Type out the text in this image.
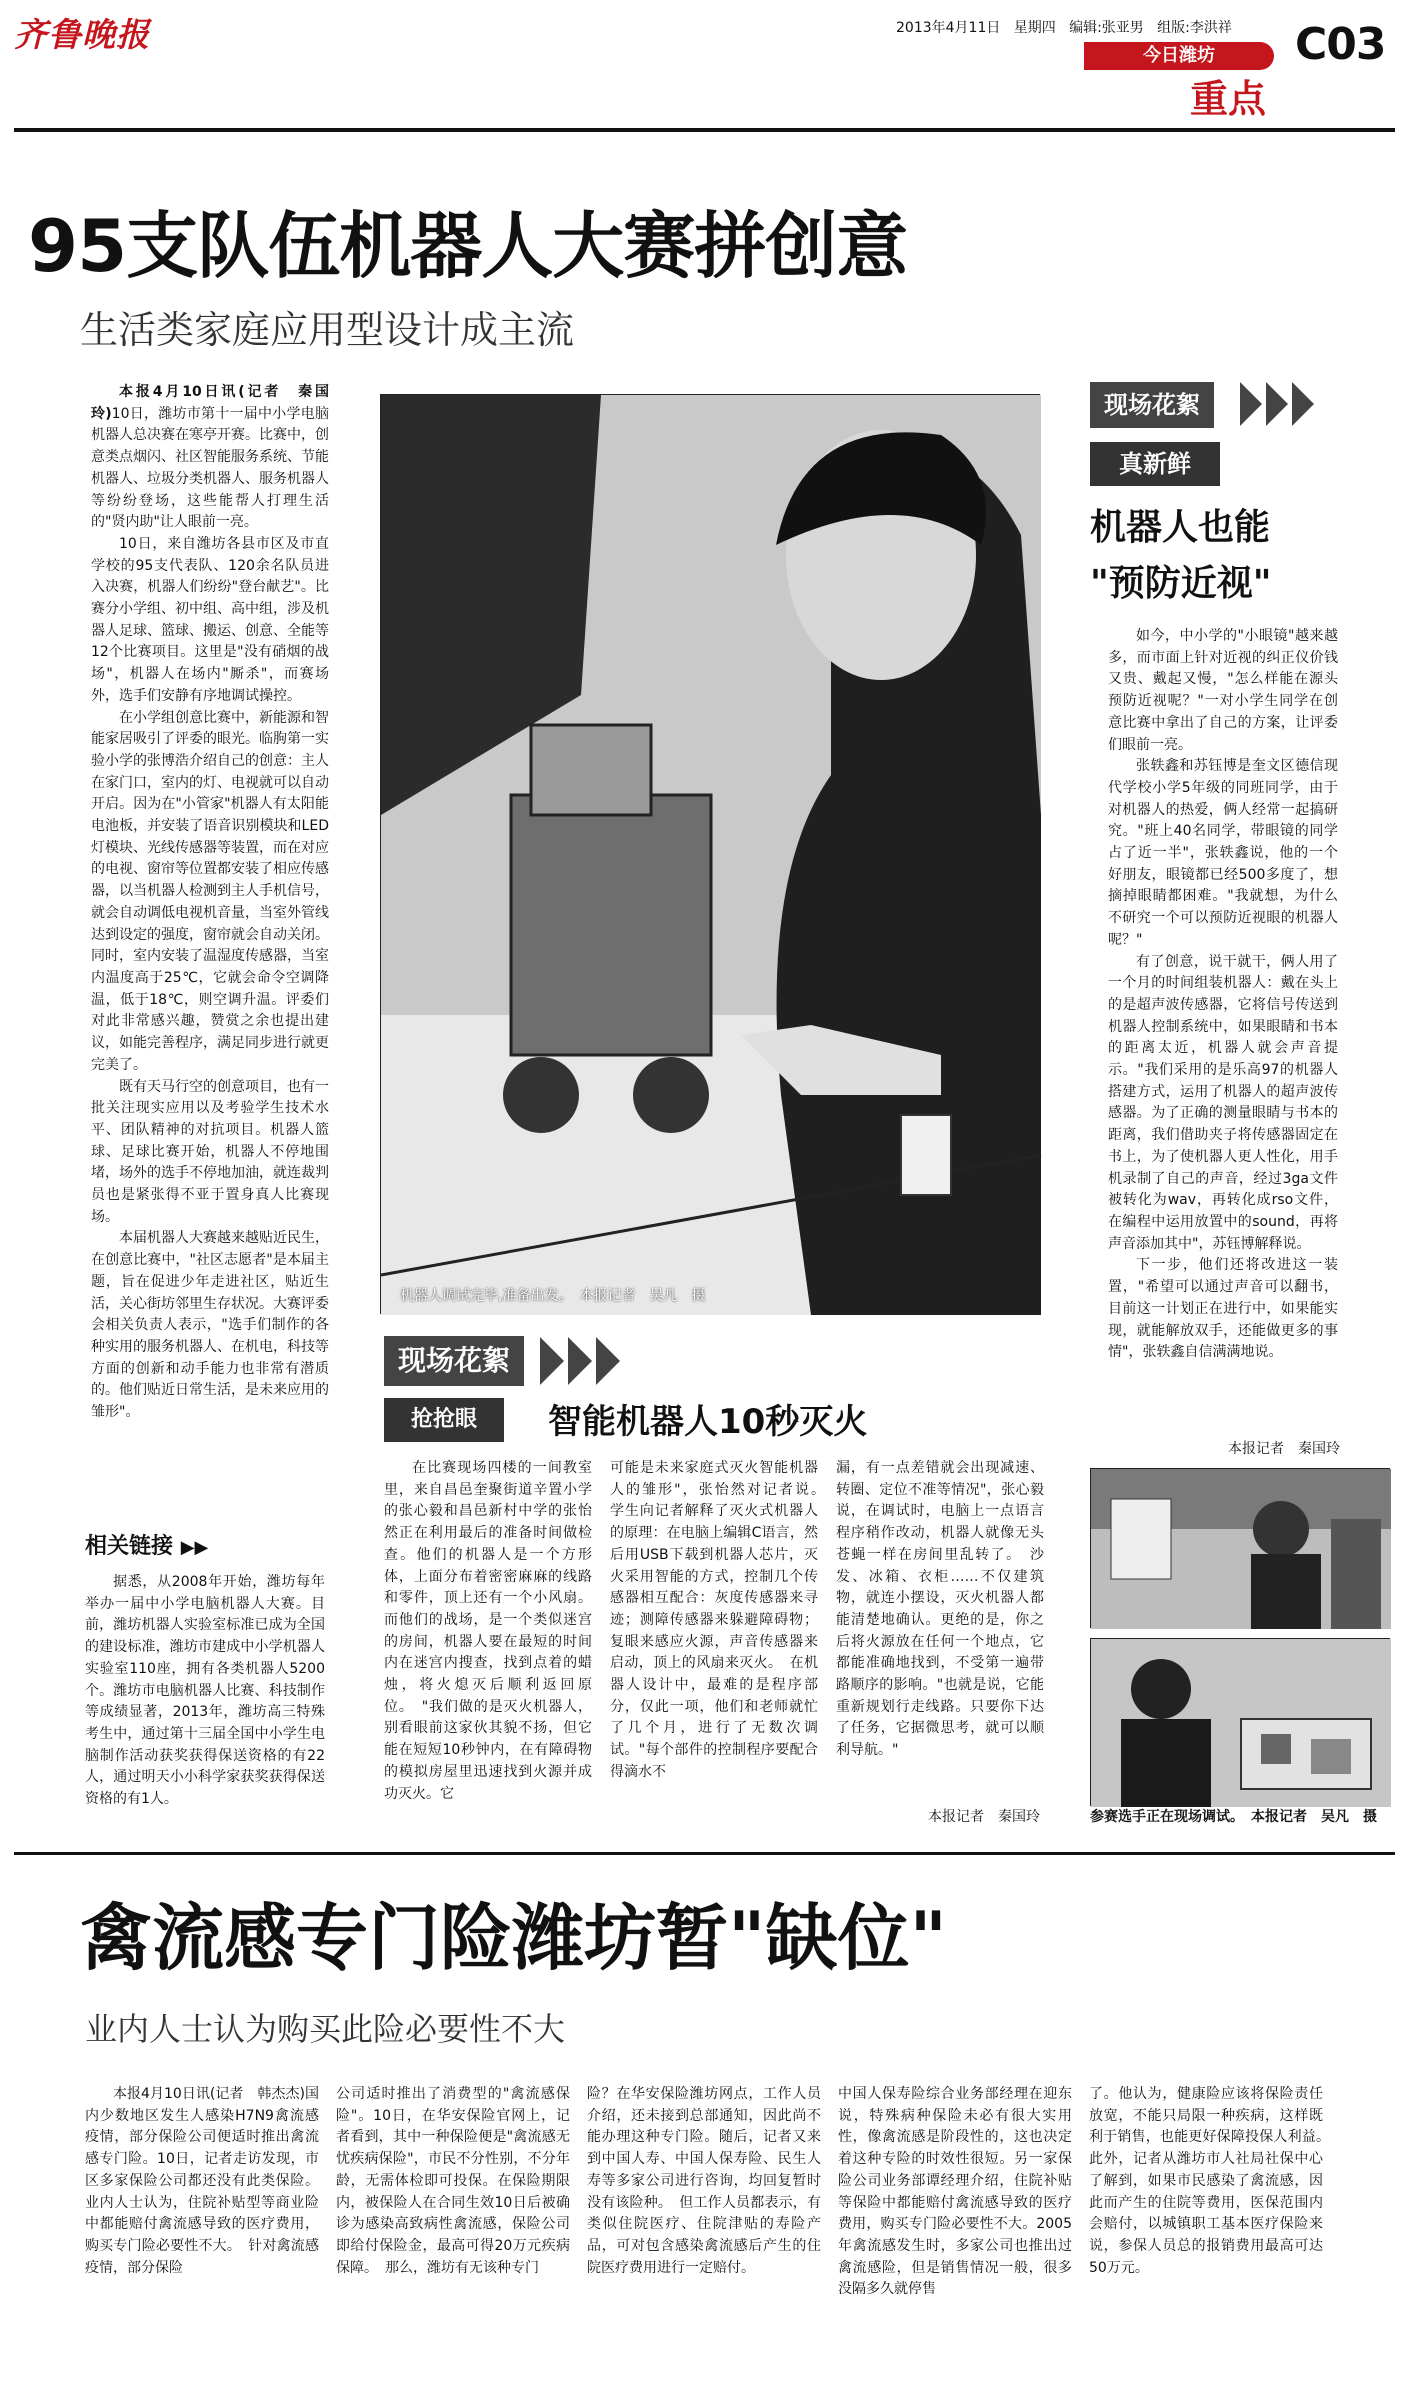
齐鲁晚报	2013年4月11日 星期四 编辑:张亚男 组版:李洪祥
今日潍坊
重点
C03
95支队伍机器人大赛拼创意
生活类家庭应用型设计成主流

本报4月10日讯(记者　秦国玲)10日，潍坊市第十一届中小学电脑机器人总决赛在寒亭开赛。比赛中，创意类点烟闪、社区智能服务系统、节能机器人、垃圾分类机器人、服务机器人等纷纷登场，这些能帮人打理生活的"贤内助"让人眼前一亮。

10日，来自潍坊各县市区及市直学校的95支代表队、120余名队员进入决赛，机器人们纷纷"登台献艺"。比赛分小学组、初中组、高中组，涉及机器人足球、篮球、搬运、创意、全能等12个比赛项目。这里是"没有硝烟的战场"，机器人在场内"厮杀"，而赛场外，选手们安静有序地调试操控。

在小学组创意比赛中，新能源和智能家居吸引了评委的眼光。临朐第一实验小学的张博浩介绍自己的创意：主人在家门口，室内的灯、电视就可以自动开启。因为在"小管家"机器人有太阳能电池板，并安装了语音识别模块和LED灯模块、光线传感器等装置，而在对应的电视、窗帘等位置都安装了相应传感器，以当机器人检测到主人手机信号，就会自动调低电视机音量，当室外管线达到设定的强度，窗帘就会自动关闭。同时，室内安装了温湿度传感器，当室内温度高于25℃，它就会命令空调降温，低于18℃，则空调升温。评委们对此非常感兴趣，赞赏之余也提出建议，如能完善程序，满足同步进行就更完美了。

既有天马行空的创意项目，也有一批关注现实应用以及考验学生技术水平、团队精神的对抗项目。机器人篮球、足球比赛开始，机器人不停地围堵，场外的选手不停地加油，就连裁判员也是紧张得不亚于置身真人比赛现场。

本届机器人大赛越来越贴近民生，在创意比赛中，"社区志愿者"是本届主题，旨在促进少年走进社区，贴近生活，关心街坊邻里生存状况。大赛评委会相关负责人表示，"选手们制作的各种实用的服务机器人、在机电，科技等方面的创新和动手能力也非常有潜质的。他们贴近日常生活，是未来应用的雏形"。

机器人调试完毕,准备出发。　本报记者　吴凡　摄
相关链接 ▶▶
据悉，从2008年开始，潍坊每年举办一届中小学电脑机器人大赛。目前，潍坊机器人实验室标准已成为全国的建设标准，潍坊市建成中小学机器人实验室110座，拥有各类机器人5200个。潍坊市电脑机器人比赛、科技制作等成绩显著，2013年，潍坊高三特殊考生中，通过第十三届全国中小学生电脑制作活动获奖获得保送资格的有22人，通过明天小小科学家获奖获得保送资格的有1人。
现场花絮
抢抢眼	智能机器人10秒灭火
在比赛现场四楼的一间教室里，来自昌邑奎聚街道辛置小学的张心毅和昌邑新村中学的张怡然正在利用最后的准备时间做检查。他们的机器人是一个方形体，上面分布着密密麻麻的线路和零件，顶上还有一个小风扇。而他们的战场，是一个类似迷宫的房间，机器人要在最短的时间内在迷宫内搜查，找到点着的蜡烛，将火熄灭后顺利返回原位。　"我们做的是灭火机器人，别看眼前这家伙其貌不扬，但它能在短短10秒钟内，在有障碍物的模拟房屋里迅速找到火源并成功灭火。它
可能是未来家庭式灭火智能机器人的雏形"，张怡然对记者说。　学生向记者解释了灭火式机器人的原理：在电脑上编辑C语言，然后用USB下载到机器人芯片，灭火采用智能的方式，控制几个传感器相互配合：灰度传感器来寻迹；测障传感器来躲避障碍物；复眼来感应火源，声音传感器来启动，顶上的风扇来灭火。　在机器人设计中，最难的是程序部分，仅此一项，他们和老师就忙了几个月，进行了无数次调试。"每个部件的控制程序要配合得滴水不
漏，有一点差错就会出现减速、转圈、定位不准等情况"，张心毅说，在调试时，电脑上一点语言程序稍作改动，机器人就像无头苍蝇一样在房间里乱转了。　沙发、冰箱、衣柜……不仅建筑物，就连小摆设，灭火机器人都能清楚地确认。更绝的是，你之后将火源放在任何一个地点，它都能准确地找到，不受第一遍带路顺序的影响。"也就是说，它能重新规划行走线路。只要你下达了任务，它据微思考，就可以顺利导航。"
本报记者　秦国玲
现场花絮
真新鲜
机器人也能
"预防近视"

如今，中小学的"小眼镜"越来越多，而市面上针对近视的纠正仪价钱又贵、戴起又慢，"怎么样能在源头预防近视呢？"一对小学生同学在创意比赛中拿出了自己的方案，让评委们眼前一亮。

张轶鑫和苏钰博是奎文区德信现代学校小学5年级的同班同学，由于对机器人的热爱，俩人经常一起搞研究。"班上40名同学，带眼镜的同学占了近一半"，张轶鑫说，他的一个好朋友，眼镜都已经500多度了，想摘掉眼睛都困难。"我就想，为什么不研究一个可以预防近视眼的机器人呢？"

有了创意，说干就干，俩人用了一个月的时间组装机器人：戴在头上的是超声波传感器，它将信号传送到机器人控制系统中，如果眼睛和书本的距离太近，机器人就会声音提示。"我们采用的是乐高97的机器人搭建方式，运用了机器人的超声波传感器。为了正确的测量眼睛与书本的距离，我们借助夹子将传感器固定在书上，为了使机器人更人性化，用手机录制了自己的声音，经过3ga文件被转化为wav，再转化成rso文件，在编程中运用放置中的sound，再将声音添加其中"，苏钰博解释说。

下一步，他们还将改进这一装置，"希望可以通过声音可以翻书，目前这一计划正在进行中，如果能实现，就能解放双手，还能做更多的事情"，张轶鑫自信满满地说。

本报记者　秦国玲
参赛选手正在现场调试。　本报记者　吴凡　摄
禽流感专门险潍坊暂"缺位"
业内人士认为购买此险必要性不大
本报4月10日讯(记者　韩杰杰)国内少数地区发生人感染H7N9禽流感疫情，部分保险公司便适时推出禽流感专门险。10日，记者走访发现，市区多家保险公司都还没有此类保险。业内人士认为，住院补贴型等商业险中都能赔付禽流感导致的医疗费用，购买专门险必要性不大。　针对禽流感疫情，部分保险
公司适时推出了消费型的"禽流感保险"。10日，在华安保险官网上，记者看到，其中一种保险便是"禽流感无忧疾病保险"，市民不分性别，不分年龄，无需体检即可投保。在保险期限内，被保险人在合同生效10日后被确诊为感染高致病性禽流感，保险公司即给付保险金，最高可得20万元疾病保障。　那么，潍坊有无该种专门
险？在华安保险潍坊网点，工作人员介绍，还未接到总部通知，因此尚不能办理这种专门险。随后，记者又来到中国人寿、中国人保寿险、民生人寿等多家公司进行咨询，均回复暂时没有该险种。　但工作人员都表示，有类似住院医疗、住院津贴的寿险产品，可对包含感染禽流感后产生的住院医疗费用进行一定赔付。
中国人保寿险综合业务部经理在迎东说，特殊病种保险未必有很大实用性，像禽流感是阶段性的，这也决定着这种专险的时效性很短。另一家保险公司业务部谭经理介绍，住院补贴等保险中都能赔付禽流感导致的医疗费用，购买专门险必要性不大。2005年禽流感发生时，多家公司也推出过禽流感险，但是销售情况一般，很多没隔多久就停售
了。他认为，健康险应该将保险责任放宽，不能只局限一种疾病，这样既利于销售，也能更好保障投保人利益。　此外，记者从潍坊市人社局社保中心了解到，如果市民感染了禽流感，因此而产生的住院等费用，医保范围内会赔付，以城镇职工基本医疗保险来说，参保人员总的报销费用最高可达50万元。
